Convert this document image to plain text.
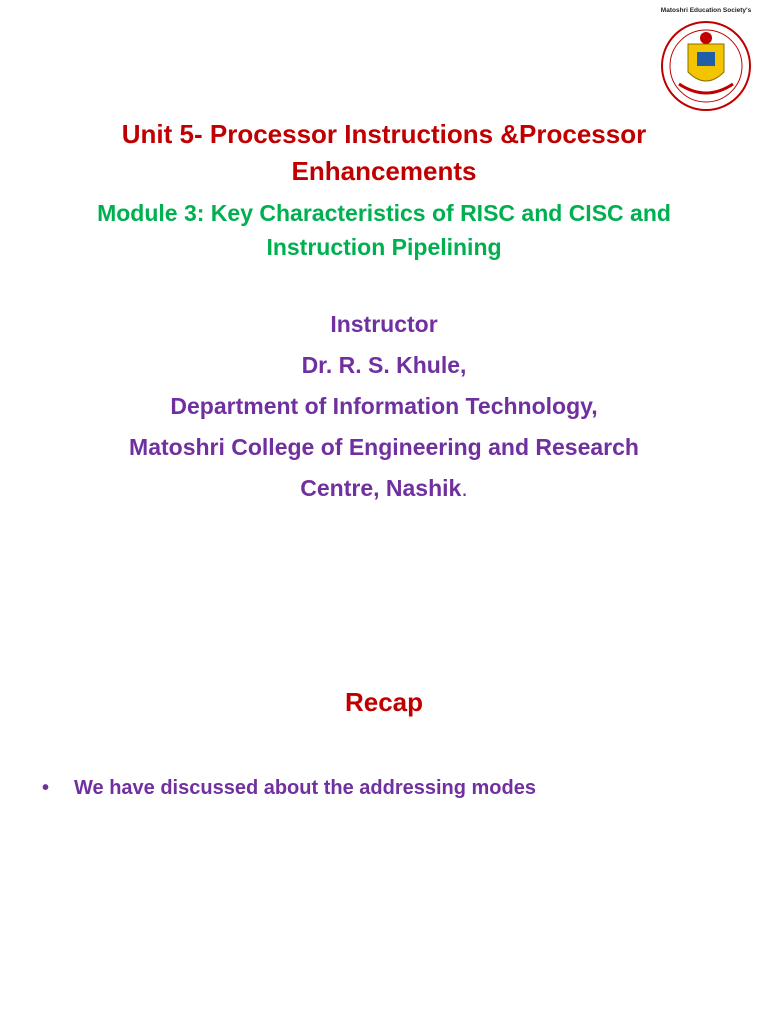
Matoshri Education Society's
Unit 5- Processor Instructions &Processor
Enhancements
Module 3: Key Characteristics of RISC and CISC and
Instruction Pipelining
Instructor
Dr. R. S. Khule,
Department of Information Technology,
Matoshri College of Engineering and Research
Centre, Nashik.
Recap
•	We have discussed about the addressing modes
